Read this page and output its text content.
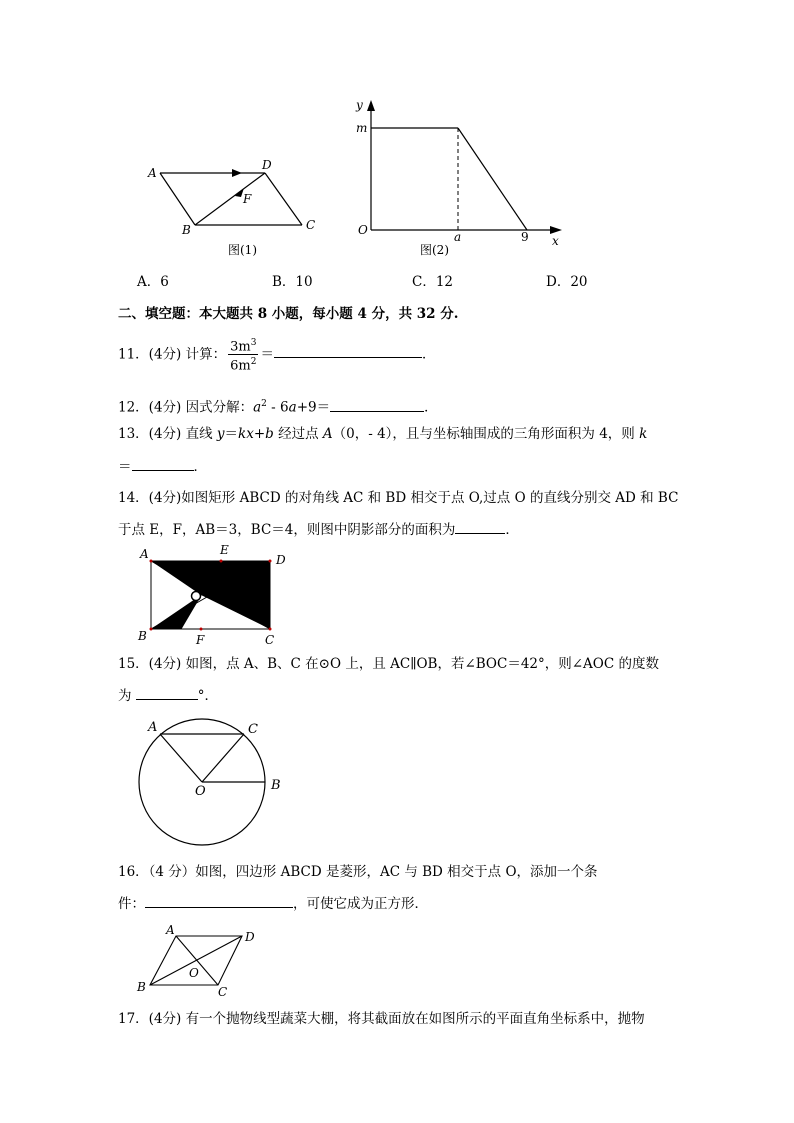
A
B	C
D
F
图(1)
y
x
m
O	a	9
图(2)
A．6	B．10	C．12	D．20
二、填空题：本大题共 8 小题，每小题 4 分，共 32 分.
11．(4分) 计算： $\frac{3m^3}{6m^2}$ ＝	．
12．(4分) 因式分解：$a^2 - 6a+9=$	．
13．(4分) 直线 y＝kx+b 经过点 A（0，- 4），且与坐标轴围成的三角形面积为 4，则 k
＝	．
14．(4分)如图矩形 ABCD 的对角线 AC 和 BD 相交于点 O,过点 O 的直线分别交 AD 和 BC
于点 E，F，AB＝3，BC＝4，则图中阴影部分的面积为	．
A	E
D
B	F	C
15．(4分) 如图，点 A、B、C 在⊙O 上，且 AC∥OB，若∠BOC＝42°，则∠AOC 的度数
为	°．
A	C
O	B
16．（4 分）如图，四边形 ABCD 是菱形，AC 与 BD 相交于点 O，添加一个条
件：	，可使它成为正方形．
A	D
O
B	C
17．(4分) 有一个抛物线型蔬菜大棚，将其截面放在如图所示的平面直角坐标系中，抛物
